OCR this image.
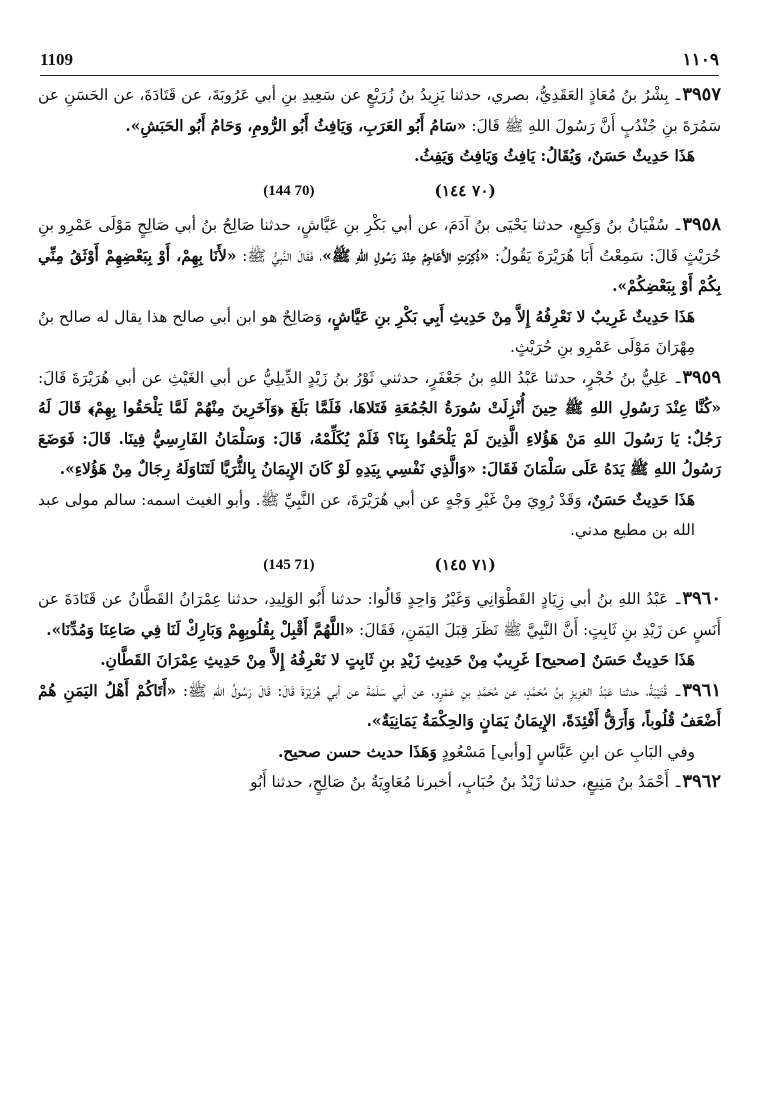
1109	١١٠٩

٣٩٥٧ـ بِشْرُ بنُ مُعَاذٍ العَقَدِيُّ، بصري، حدثنا يَزِيدُ بنُ زُرَيْعٍ عن سَعِيدِ بنِ أبي عَرُوبَةَ، عن قَتَادَةَ، عن الحَسَنِ عن سَمُرَةَ بنِ جُنْدُبٍ أَنَّ رَسُولَ اللهِ ﷺ قَالَ: «سَامُ أَبُو العَرَبِ، وَيَافِثُ أَبُو الرُّومِ، وَحَامُ أَبُو الحَبَشِ».

هَذَا حَدِيثٌ حَسَنٌ، وَيُقَالُ: يَافِثُ وَيَافِتُ وَيَفِثُ.

(144 70)	(٧٠ ١٤٤)

٣٩٥٨ـ سُفْيَانُ بنُ وَكِيعٍ، حدثنا يَحْيَى بنُ آدَمَ، عن أبي بَكْرِ بنِ عَيَّاشٍ، حدثنا صَالِحُ بنُ أبي صَالِحٍ مَوْلَى عَمْرِو بنِ حُرَيْثٍ قَالَ: سَمِعْتُ أَبَا هُرَيْرَةَ يَقُولُ: «ذُكِرَتِ الأَعَاجِمُ عِنْدَ رَسُولِ اللهِ ﷺ»، فَقَالَ النَّبِيُّ ﷺ: «لأَنَا بِهِمْ، أَوْ بِبَعْضِهِمْ أَوْثَقُ مِنِّي بِكُمْ أَوْ بِبَعْضِكُمْ».

هَذَا حَدِيثٌ غَرِيبٌ لا نَعْرِفُهُ إِلاَّ مِنْ حَدِيثِ أَبِي بَكْرِ بنِ عَيَّاشٍ، وَصَالِحٌ هو ابن أبي صالح هذا يقال له صالح بنُ مِهْرَانَ مَوْلَى عَمْرِو بنِ حُرَيْثٍ.

٣٩٥٩ـ عَلِيُّ بنُ حُجْرٍ، حدثنا عَبْدُ اللهِ بنُ جَعْفَرٍ، حدثني ثَوْرُ بنُ زَيْدٍ الدِّيلِيُّ عن أبي الغَيْثِ عن أبي هُرَيْرَةَ قَالَ: «كُنَّا عِنْدَ رَسُولِ اللهِ ﷺ حِينَ أُنْزِلَتْ سُورَةُ الجُمُعَةِ فَتَلاهَا، فَلَمَّا بَلَغَ ﴿وَآخَرِينَ مِنْهُمْ لَمَّا يَلْحَقُوا بِهِمْ﴾ قَالَ لَهُ رَجُلٌ: يَا رَسُولَ اللهِ مَنْ هَؤُلاءِ الَّذِينَ لَمْ يَلْحَقُوا بِنَا؟ فَلَمْ يُكَلِّمْهُ، قَالَ: وَسَلْمَانُ الفَارِسِيُّ فِينَا. قَالَ: فَوَضَعَ رَسُولُ اللهِ ﷺ يَدَهُ عَلَى سَلْمَانَ فَقَالَ: «وَالَّذِي نَفْسِي بِيَدِهِ لَوْ كَانَ الإِيمَانُ بِالثُّرَيَّا لَتَنَاوَلَهُ رِجَالٌ مِنْ هَؤُلاءِ».

هَذَا حَدِيثٌ حَسَنٌ، وَقَدْ رُوِيَ مِنْ غَيْرِ وَجْهٍ عن أبي هُرَيْرَةَ، عن النَّبِيِّ ﷺ. وأبو الغيث اسمه: سالم مولى عبد الله بن مطيع مدني.

(145 71)	(٧١ ١٤٥)

٣٩٦٠ـ عَبْدُ اللهِ بنُ أبي زِيَادٍ القَطْوَانِي وَغَيْرُ وَاحِدٍ قَالُوا: حدثنا أَبُو الوَلِيدِ، حدثنا عِمْرَانُ القَطَّانُ عن قَتَادَةَ عن أَنَسٍ عن زَيْدِ بنِ ثَابِتٍ: أَنَّ النَّبِيَّ ﷺ نَظَرَ قِبَلَ اليَمَنِ، فَقَالَ: «اللَّهُمَّ أَقْبِلْ بِقُلُوبِهِمْ وَبَارِكْ لَنَا فِي صَاعِنَا وَمُدِّنَا».

هَذَا حَدِيثٌ حَسَنٌ [صحيح] غَرِيبٌ مِنْ حَدِيثِ زَيْدِ بنِ ثَابِتٍ لا نَعْرِفُهُ إِلاَّ مِنْ حَدِيثِ عِمْرَانَ القَطَّانِ.

٣٩٦١ـ قُتَيْبَةُ، حدثنا عَبْدُ العَزِيزِ بنُ مُحَمَّدٍ، عن مُحَمَّدِ بنِ عَمْرٍو، عن أبي سَلَمَةَ عن أبي هُرَيْرَةَ قَالَ: قَالَ رَسُولُ اللهِ ﷺ: «أَتَاكُمْ أَهْلُ اليَمَنِ هُمْ أَضْعَفُ قُلُوباً، وَأَرَقُّ أَفْئِدَةً، الإِيمَانُ يَمَانٍ وَالحِكْمَةُ يَمَانِيَةٌ».

وفي البَابِ عن ابنِ عَبَّاسٍ [وأبي] مَسْعُودٍ وَهَذَا حديث حسن صحيح.

٣٩٦٢ـ أَحْمَدُ بنُ مَنِيعٍ، حدثنا زَيْدُ بنُ حُبَابٍ، أخبرنا مُعَاوِيَةُ بنُ صَالِحٍ، حدثنا أَبُو
